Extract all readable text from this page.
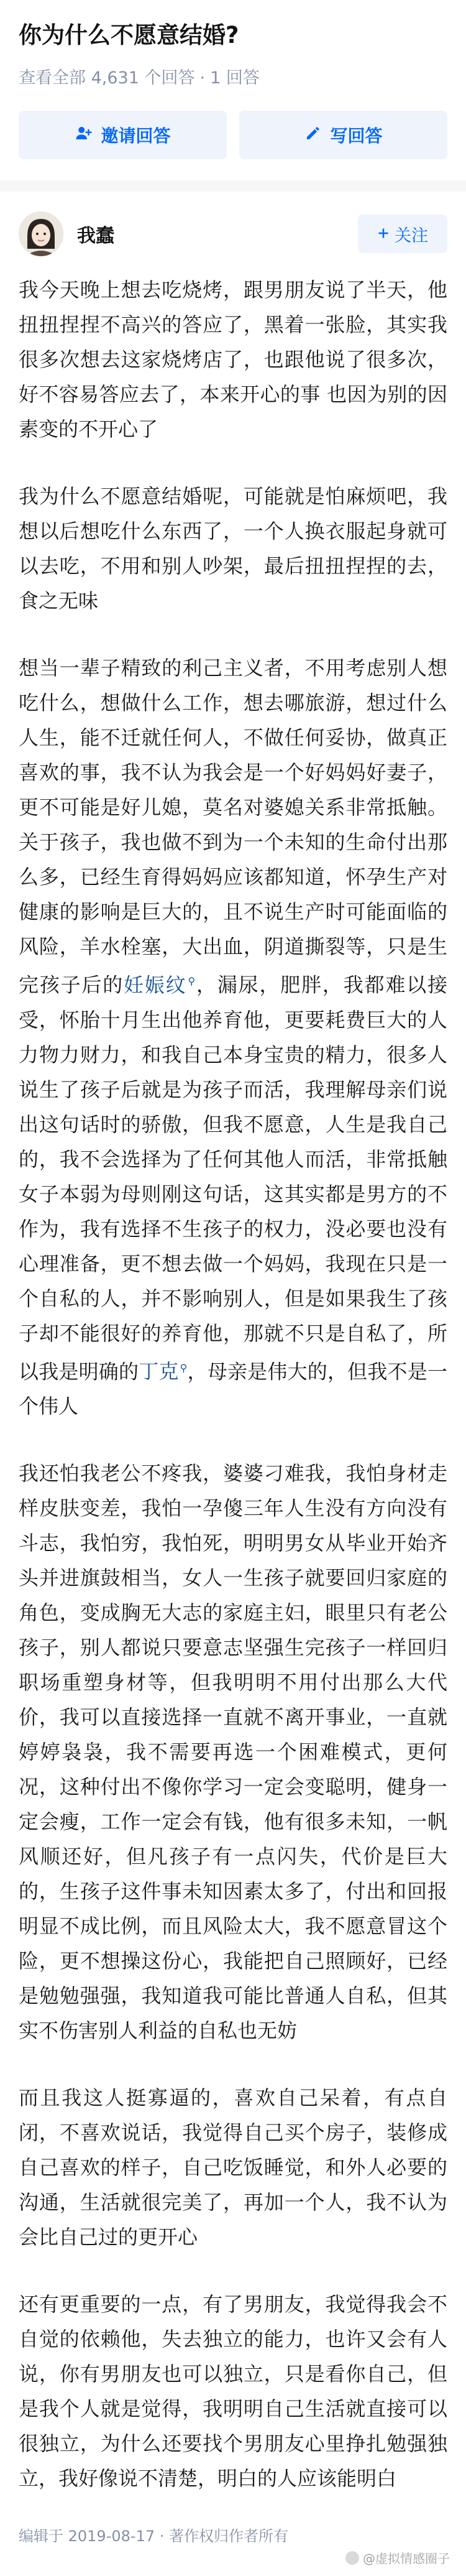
你为什么不愿意结婚?
查看全部 4,631 个回答 · 1 回答
邀请回答	写回答
我蠢	关注

我今天晚上想去吃烧烤，跟男朋友说了半天，他扭扭捏捏不高兴的答应了，黑着一张脸，其实我很多次想去这家烧烤店了，也跟他说了很多次，好不容易答应去了，本来开心的事 也因为别的因素变的不开心了

我为什么不愿意结婚呢，可能就是怕麻烦吧，我想以后想吃什么东西了，一个人换衣服起身就可以去吃，不用和别人吵架，最后扭扭捏捏的去，食之无味

想当一辈子精致的利己主义者，不用考虑别人想吃什么，想做什么工作，想去哪旅游，想过什么人生，能不迁就任何人，不做任何妥协，做真正喜欢的事，我不认为我会是一个好妈妈好妻子，更不可能是好儿媳，莫名对婆媳关系非常抵触。关于孩子，我也做不到为一个未知的生命付出那么多，已经生育得妈妈应该都知道，怀孕生产对健康的影响是巨大的，且不说生产时可能面临的风险，羊水栓塞，大出血，阴道撕裂等，只是生完孩子后的妊娠纹 ⚲，漏尿，肥胖，我都难以接受，怀胎十月生出他养育他，更要耗费巨大的人力物力财力，和我自己本身宝贵的精力，很多人说生了孩子后就是为孩子而活，我理解母亲们说出这句话时的骄傲，但我不愿意，人生是我自己的，我不会选择为了任何其他人而活，非常抵触女子本弱为母则刚这句话，这其实都是男方的不作为，我有选择不生孩子的权力，没必要也没有心理准备，更不想去做一个妈妈，我现在只是一个自私的人，并不影响别人，但是如果我生了孩子却不能很好的养育他，那就不只是自私了，所以我是明确的丁克 ⚲，母亲是伟大的，但我不是一个伟人

我还怕我老公不疼我，婆婆刁难我，我怕身材走样皮肤变差，我怕一孕傻三年人生没有方向没有斗志，我怕穷，我怕死，明明男女从毕业开始齐头并进旗鼓相当，女人一生孩子就要回归家庭的角色，变成胸无大志的家庭主妇，眼里只有老公孩子，别人都说只要意志坚强生完孩子一样回归职场重塑身材等，但我明明不用付出那么大代价，我可以直接选择一直就不离开事业，一直就婷婷袅袅，我不需要再选一个困难模式，更何况，这种付出不像你学习一定会变聪明，健身一定会瘦，工作一定会有钱，他有很多未知，一帆风顺还好，但凡孩子有一点闪失，代价是巨大的，生孩子这件事未知因素太多了，付出和回报明显不成比例，而且风险太大，我不愿意冒这个险，更不想操这份心，我能把自己照顾好，已经是勉勉强强，我知道我可能比普通人自私，但其实不伤害别人利益的自私也无妨

而且我这人挺寡逼的，喜欢自己呆着，有点自闭，不喜欢说话，我觉得自己买个房子，装修成自己喜欢的样子，自己吃饭睡觉，和外人必要的沟通，生活就很完美了，再加一个人，我不认为会比自己过的更开心

还有更重要的一点，有了男朋友，我觉得我会不自觉的依赖他，失去独立的能力，也许又会有人说，你有男朋友也可以独立，只是看你自己，但是我个人就是觉得，我明明自己生活就直接可以很独立，为什么还要找个男朋友心里挣扎勉强独立，我好像说不清楚，明白的人应该能明白

编辑于 2019-08-17 · 著作权归作者所有
@虚拟情感圈子
